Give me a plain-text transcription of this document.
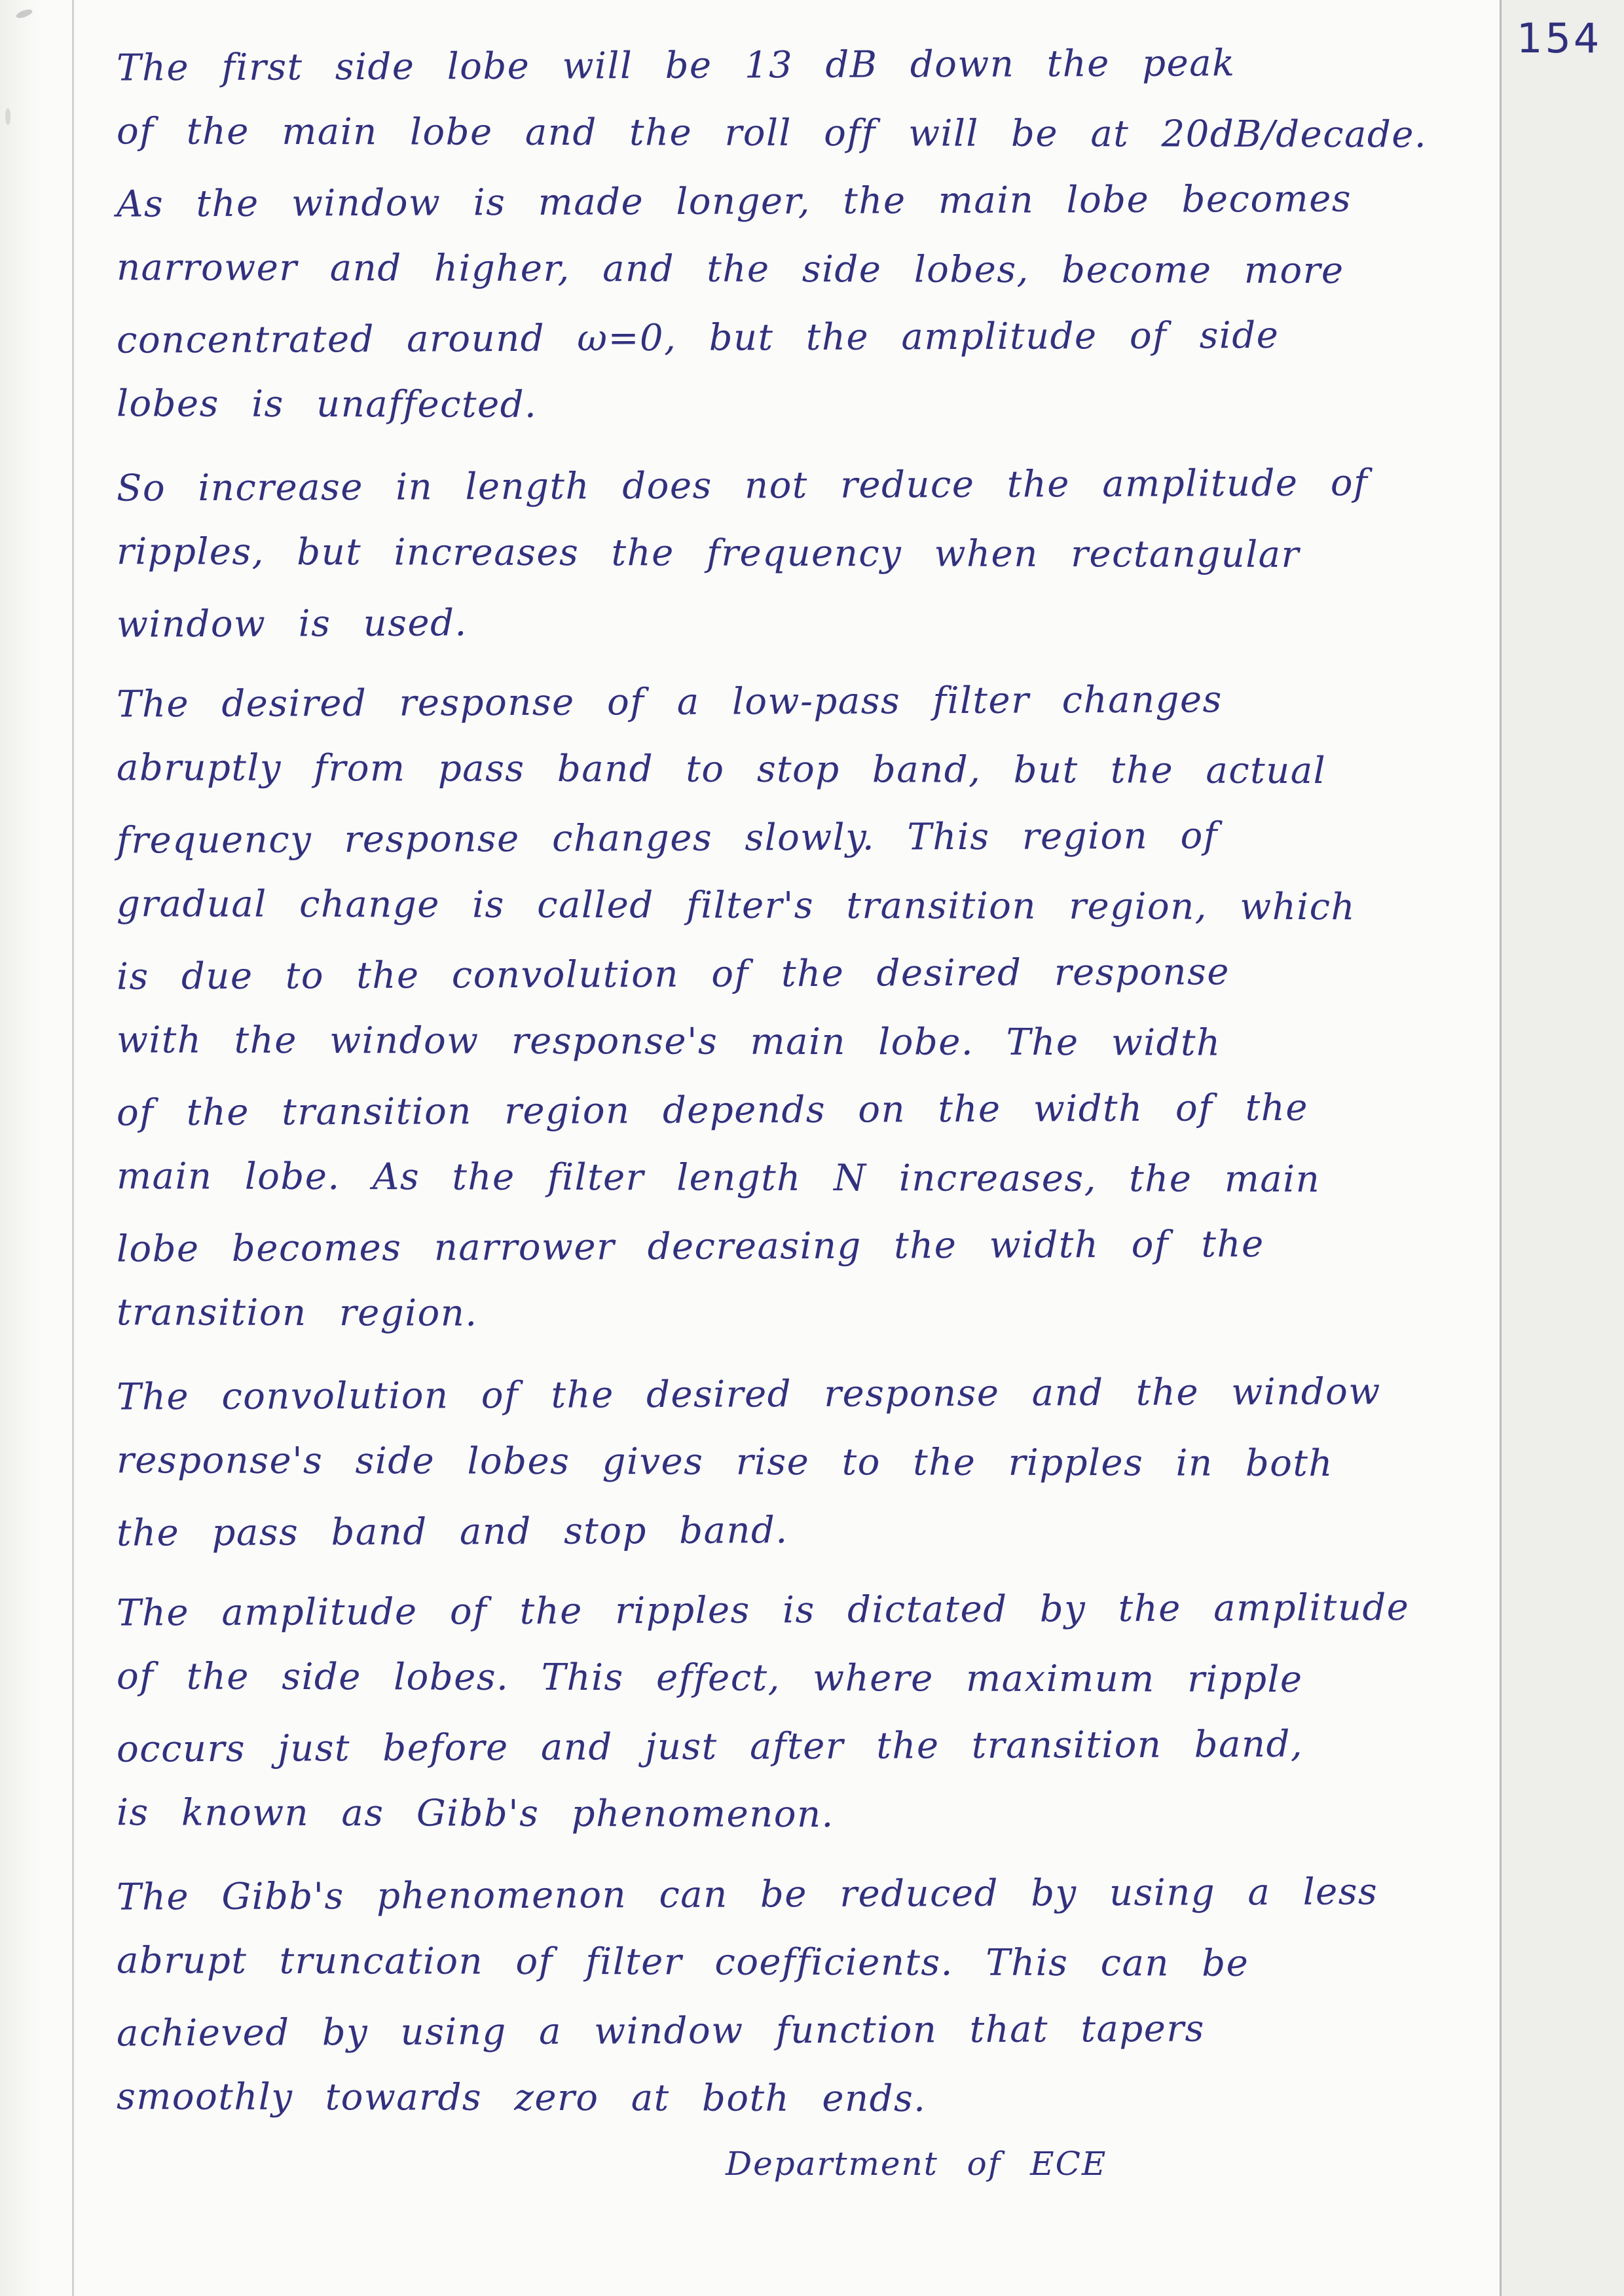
154
The first side lobe will be 13 dB down the peak
of the main lobe and the roll off will be at 20dB/decade.
As the window is made longer, the main lobe becomes
narrower and higher, and the side lobes, become more
concentrated around ω=0, but the amplitude of side
lobes is unaffected.
So increase in length does not reduce the amplitude of
ripples, but increases the frequency when rectangular
window is used.
The desired response of a low-pass filter changes
abruptly from pass band to stop band, but the actual
frequency response changes slowly. This region of
gradual change is called filter's transition region, which
is due to the convolution of the desired response
with the window response's main lobe. The width
of the transition region depends on the width of the
main lobe. As the filter length N increases, the main
lobe becomes narrower decreasing the width of the
transition region.
The convolution of the desired response and the window
response's side lobes gives rise to the ripples in both
the pass band and stop band.
The amplitude of the ripples is dictated by the amplitude
of the side lobes. This effect, where maximum ripple
occurs just before and just after the transition band,
is known as Gibb's phenomenon.
The Gibb's phenomenon can be reduced by using a less
abrupt truncation of filter coefficients. This can be
achieved by using a window function that tapers
smoothly towards zero at both ends.
Department of ECE
